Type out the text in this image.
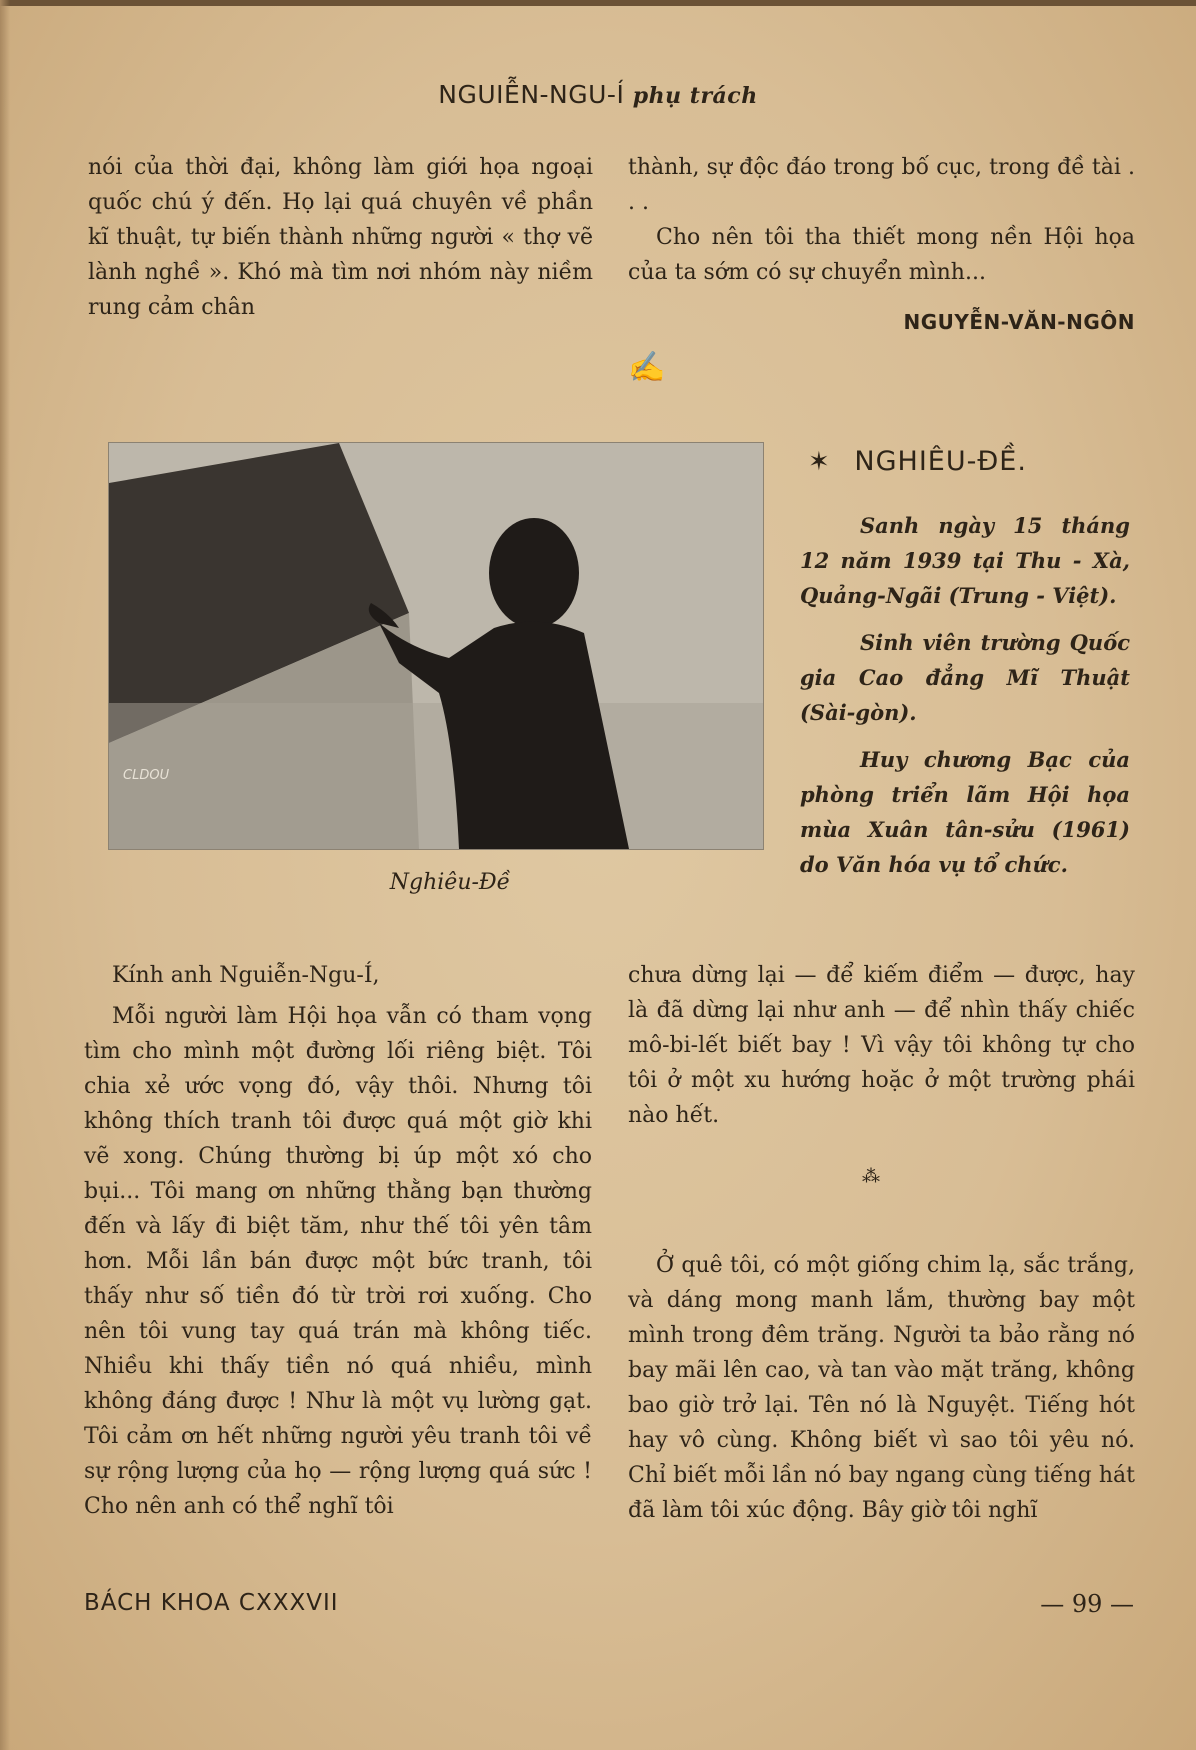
NGUIỄN-NGU-Í phụ trách

nói của thời đại, không làm giới họa ngoại quốc chú ý đến. Họ lại quá chuyên về phần kĩ thuật, tự biến thành những người « thợ vẽ lành nghề ». Khó mà tìm nơi nhóm này niềm rung cảm chân

thành, sự độc đáo trong bố cục, trong đề tài . . .

Cho nên tôi tha thiết mong nền Hội họa của ta sớm có sự chuyển mình...

NGUYỄN-VĂN-NGÔN
✍
CLDOU
Nghiêu-Đề
✶ NGHIÊU-ĐỀ.

Sanh ngày 15 tháng 12 năm 1939 tại Thu - Xà, Quảng-Ngãi (Trung - Việt).

Sinh viên trường Quốc gia Cao đẳng Mĩ Thuật (Sài-gòn).

Huy chương Bạc của phòng triển lãm Hội họa mùa Xuân tân-sửu (1961) do Văn hóa vụ tổ chức.

Kính anh Nguiễn-Ngu-Í,

Mỗi người làm Hội họa vẫn có tham vọng tìm cho mình một đường lối riêng biệt. Tôi chia xẻ ước vọng đó, vậy thôi. Nhưng tôi không thích tranh tôi được quá một giờ khi vẽ xong. Chúng thường bị úp một xó cho bụi... Tôi mang ơn những thằng bạn thường đến và lấy đi biệt tăm, như thế tôi yên tâm hơn. Mỗi lần bán được một bức tranh, tôi thấy như số tiền đó từ trời rơi xuống. Cho nên tôi vung tay quá trán mà không tiếc. Nhiều khi thấy tiền nó quá nhiều, mình không đáng được ! Như là một vụ lường gạt. Tôi cảm ơn hết những người yêu tranh tôi về sự rộng lượng của họ — rộng lượng quá sức ! Cho nên anh có thể nghĩ tôi

chưa dừng lại — để kiếm điểm — được, hay là đã dừng lại như anh — để nhìn thấy chiếc mô-bi-lết biết bay ! Vì vậy tôi không tự cho tôi ở một xu hướng hoặc ở một trường phái nào hết.

⁂

Ở quê tôi, có một giống chim lạ, sắc trắng, và dáng mong manh lắm, thường bay một mình trong đêm trăng. Người ta bảo rằng nó bay mãi lên cao, và tan vào mặt trăng, không bao giờ trở lại. Tên nó là Nguyệt. Tiếng hót hay vô cùng. Không biết vì sao tôi yêu nó. Chỉ biết mỗi lần nó bay ngang cùng tiếng hát đã làm tôi xúc động. Bây giờ tôi nghĩ

BÁCH KHOA CXXXVII	— 99 —
